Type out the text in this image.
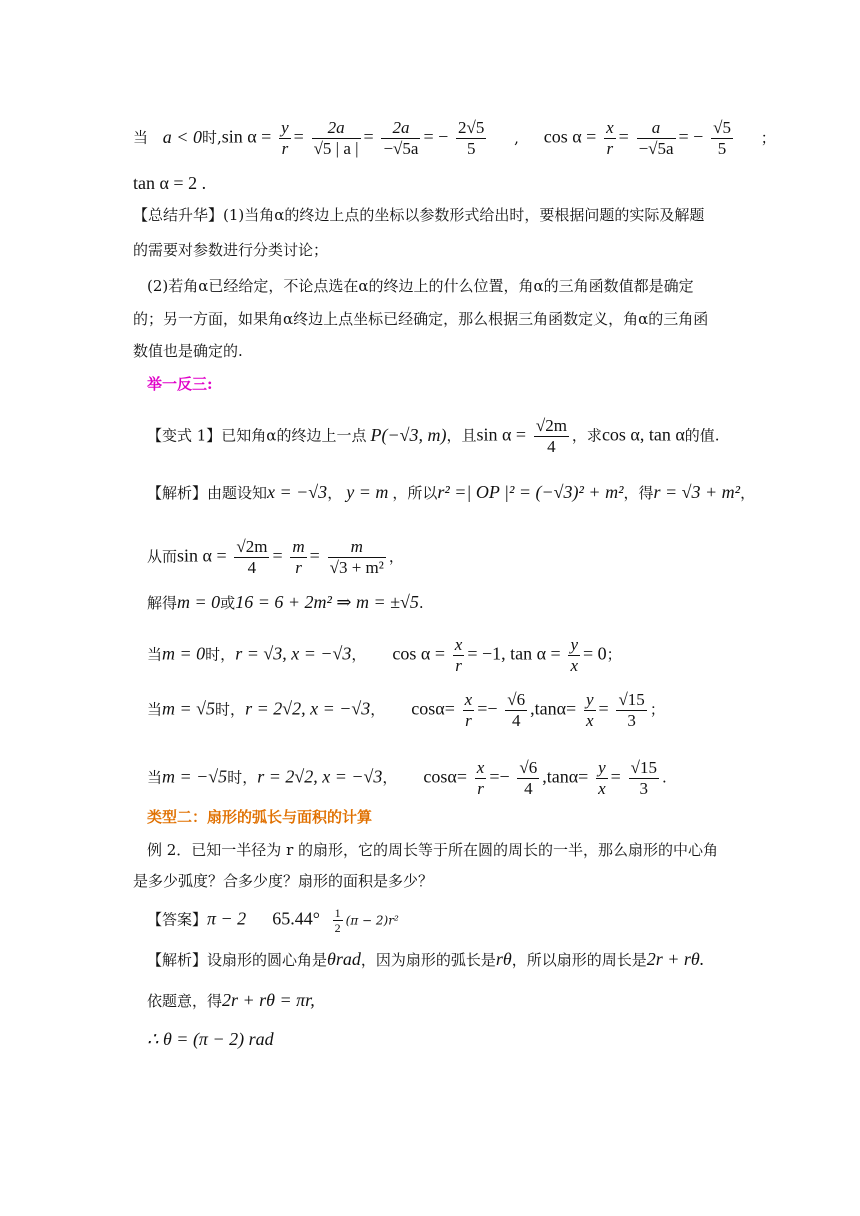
当 a < 0时,sin $\alpha = \frac{y}{r} = \frac{2a}{√5 | a |} = \frac{2a}{-√5a}$ = − $\frac{2√5}{5}$ , $\cos \alpha = \frac{x}{r} = \frac{a}{-√5a}$ = − $\frac{√5}{5}$ ；
tan α = 2 .
【总结升华】(1)当角α的终边上点的坐标以参数形式给出时，要根据问题的实际及解题
的需要对参数进行分类讨论；
(2)若角α已经给定，不论点选在α的终边上的什么位置，角α的三角函数值都是确定
的；另一方面，如果角α终边上点坐标已经确定，那么根据三角函数定义，角α的三角函
数值也是确定的.
举一反三:
【变式 1】已知角α的终边上一点 P(−√3, m)，且$\sin \alpha = \frac{√2m}{4}$ ，求cos α, tan α的值.
【解析】由题设知x = −√3， y = m ，所以r² =| OP |² = (−√3)² + m²，得r = √3 + m²，
从而$\sin \alpha = \frac{√2m}{4} = \frac{m}{r} = \frac{m}{\text{√3 + m²}}$ ，
解得m = 0或16 = 6 + 2m² ⇒ m = ±√5.
当m = 0时，r = √3, x = −√3， $\cos \alpha = \frac{x}{r} = -1$, $\tan \alpha = \frac{y}{x} = 0$；
当m = √5时，r = 2√2, x = −√3， $\cos\alpha= \frac{x}{r} =- \frac{√6}{4} ,\tan\alpha= \frac{y}{x} = \frac{√15}{3}$ ；
当m = −√5时，r = 2√2, x = −√3， $\cos\alpha= \frac{x}{r} =- \frac{√6}{4} ,\tan\alpha= \frac{y}{x} = \frac{√15}{3}$ .
类型二：扇形的弧长与面积的计算
例 2．已知一半径为 r 的扇形，它的周长等于所在圆的周长的一半，那么扇形的中心角
是多少弧度？合多少度？扇形的面积是多少？
【答案】π − 2 $65.44^\circ \frac{1}{2} (\pi - 2)r^2$
【解析】设扇形的圆心角是θrad，因为扇形的弧长是rθ，所以扇形的周长是2r + rθ.
依题意，得2r + rθ = πr,
∴ θ = (π − 2) rad
